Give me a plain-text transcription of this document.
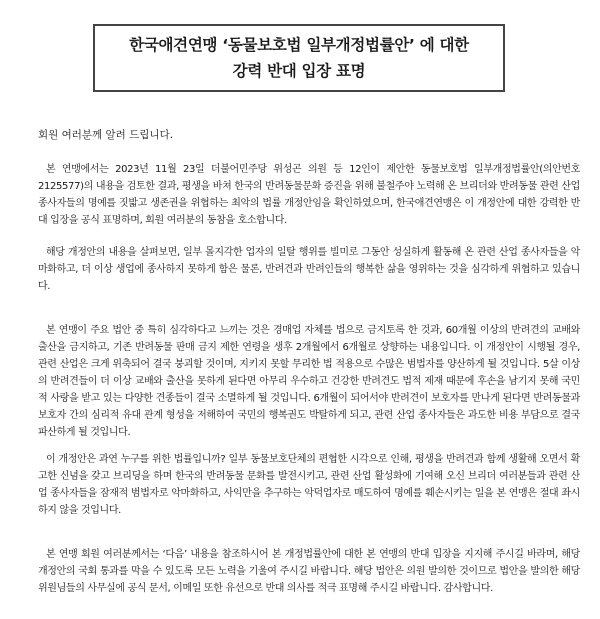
한국애견연맹 ‘동물보호법 일부개정법률안’ 에 대한
강력 반대 입장 표명
회원 여러분께 알려 드립니다.
본 연맹에서는 2023년 11월 23일 더불어민주당 위성곤 의원 등 12인이 제안한 동물보호법 일부개정법률안(의안번호 2125577)의 내용을 검토한 결과, 평생을 바쳐 한국의 반려동물문화 증진을 위해 불철주야 노력해 온 브리더와 반려동물 관련 산업 종사자들의 명예를 짓밟고 생존권을 위협하는 최악의 법률 개정안임을 확인하였으며, 한국애견연맹은 이 개정안에 대한 강력한 반대 입장을 공식 표명하며, 회원 여러분의 동참을 호소합니다.
해당 개정안의 내용을 살펴보면, 일부 몰지각한 업자의 일탈 행위를 빌미로 그동안 성실하게 활동해 온 관련 산업 종사자들을 악마화하고, 더 이상 생업에 종사하지 못하게 함은 물론, 반려견과 반려인들의 행복한 삶을 영위하는 것을 심각하게 위협하고 있습니다.
본 연맹이 주요 법안 중 특히 심각하다고 느끼는 것은 경매업 자체를 법으로 금지토록 한 것과, 60개월 이상의 반려견의 교배와 출산을 금지하고, 기존 반려동물 판매 금지 제한 연령을 생후 2개월에서 6개월로 상향하는 내용입니다. 이 개정안이 시행될 경우, 관련 산업은 크게 위축되어 결국 붕괴할 것이며, 지키지 못할 무리한 법 적용으로 수많은 범법자를 양산하게 될 것입니다. 5살 이상의 반려견들이 더 이상 교배와 출산을 못하게 된다면 아무리 우수하고 건강한 반려견도 법적 제재 때문에 후손을 남기지 못해 국민적 사랑을 받고 있는 다양한 견종들이 결국 소멸하게 될 것입니다. 6개월이 되어서야 반려견이 보호자를 만나게 된다면 반려동물과 보호자 간의 심리적 유대 관계 형성을 저해하여 국민의 행복권도 박탈하게 되고, 관련 산업 종사자들은 과도한 비용 부담으로 결국 파산하게 될 것입니다.
이 개정안은 과연 누구를 위한 법률입니까? 일부 동물보호단체의 편협한 시각으로 인해, 평생을 반려견과 함께 생활해 오면서 확고한 신념을 갖고 브리딩을 하며 한국의 반려동물 문화를 발전시키고, 관련 산업 활성화에 기여해 오신 브리더 여러분들과 관련 산업 종사자들을 잠재적 범법자로 악마화하고, 사익만을 추구하는 악덕업자로 매도하여 명예를 훼손시키는 일을 본 연맹은 절대 좌시하지 않을 것입니다.
본 연맹 회원 여러분께서는 ‘다음’ 내용을 참조하시어 본 개정법률안에 대한 본 연맹의 반대 입장을 지지해 주시길 바라며, 해당 개정안의 국회 통과를 막을 수 있도록 모든 노력을 기울여 주시길 바랍니다. 해당 법안은 의원 발의한 것이므로 법안을 발의한 해당 위원님들의 사무실에 공식 문서, 이메일 또한 유선으로 반대 의사를 적극 표명해 주시길 바랍니다. 감사합니다.
